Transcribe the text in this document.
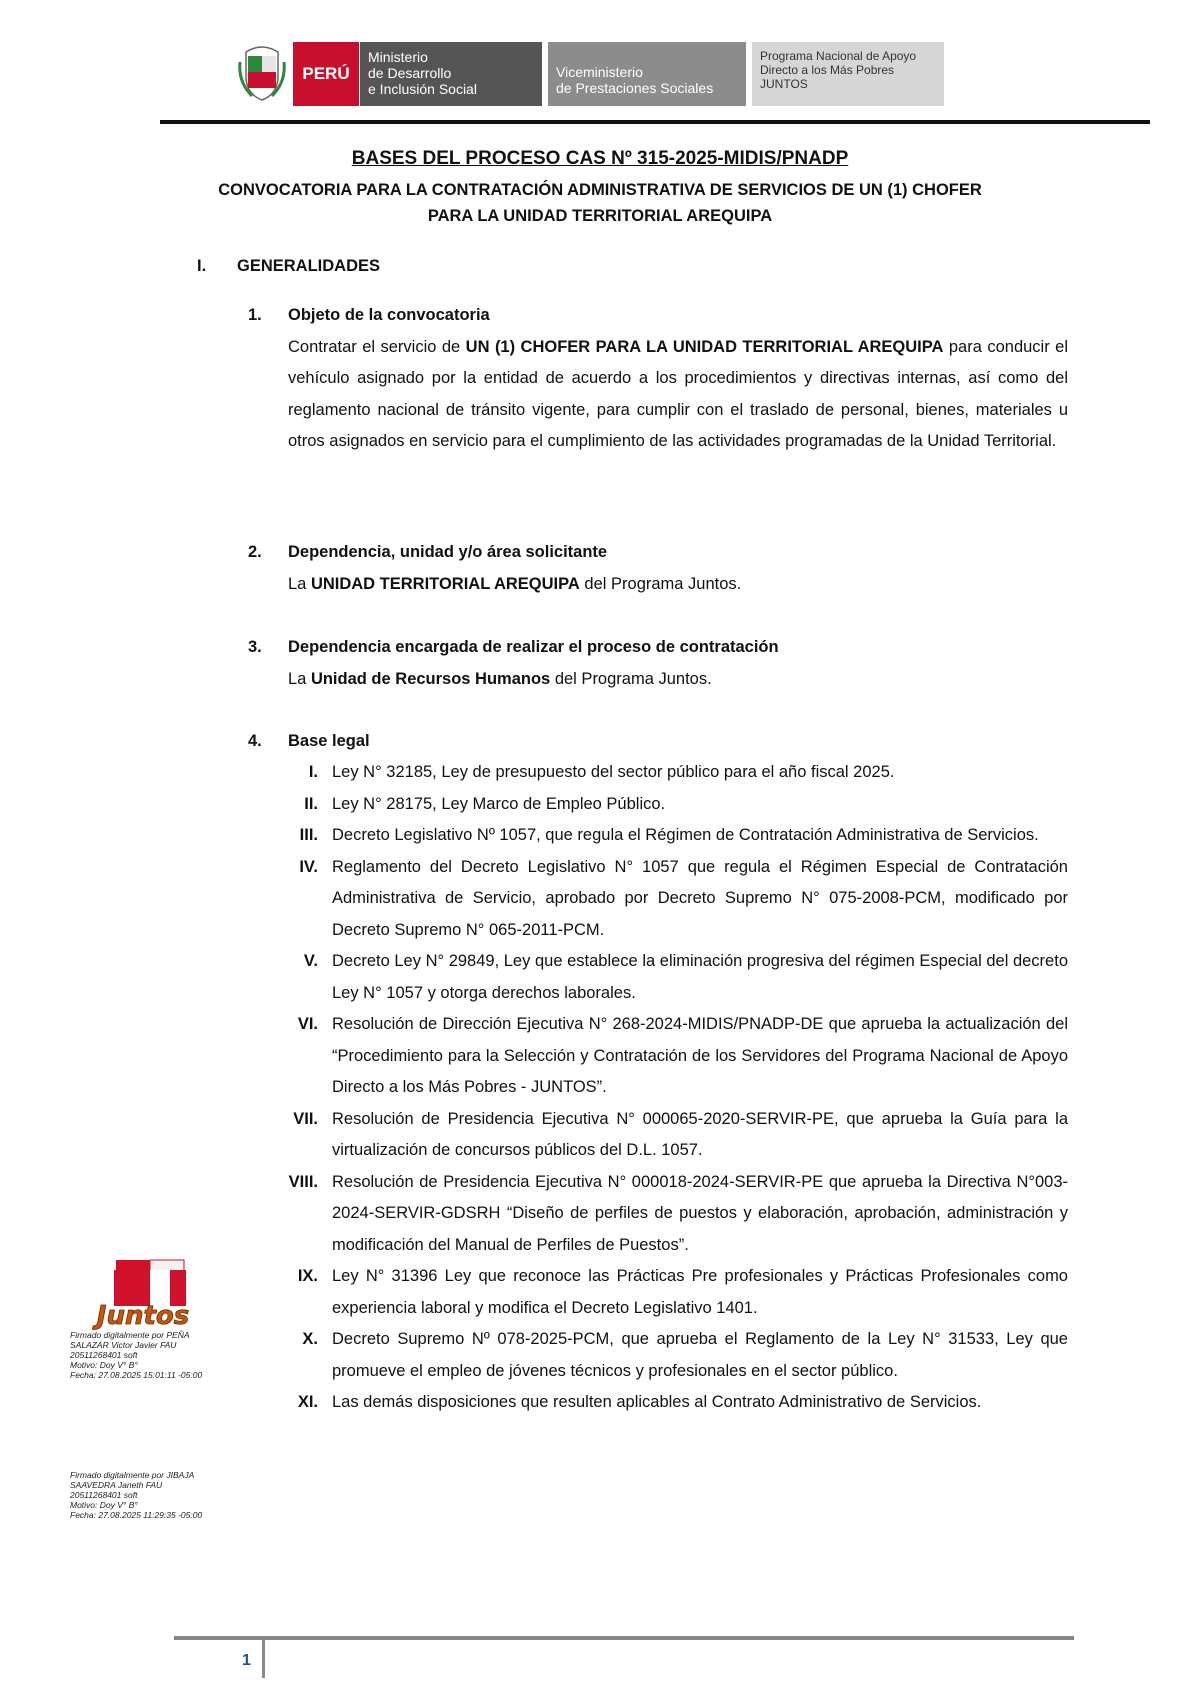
PERÚ
Ministerio
de Desarrollo
e Inclusión Social
Viceministerio
de Prestaciones Sociales
Programa Nacional de Apoyo
Directo a los Más Pobres
JUNTOS
BASES DEL PROCESO CAS Nº 315-2025-MIDIS/PNADP
CONVOCATORIA PARA LA CONTRATACIÓN ADMINISTRATIVA DE SERVICIOS DE UN (1) CHOFER
PARA LA UNIDAD TERRITORIAL AREQUIPA
I. GENERALIDADES
1. Objeto de la convocatoria
Contratar el servicio de UN (1) CHOFER PARA LA UNIDAD TERRITORIAL AREQUIPA para conducir el vehículo asignado por la entidad de acuerdo a los procedimientos y directivas internas, así como del reglamento nacional de tránsito vigente, para cumplir con el traslado de personal, bienes, materiales u otros asignados en servicio para el cumplimiento de las actividades programadas de la Unidad Territorial.
2. Dependencia, unidad y/o área solicitante
La UNIDAD TERRITORIAL AREQUIPA del Programa Juntos.
3. Dependencia encargada de realizar el proceso de contratación
La Unidad de Recursos Humanos del Programa Juntos.
4. Base legal
I. Ley N° 32185, Ley de presupuesto del sector público para el año fiscal 2025.
II. Ley N° 28175, Ley Marco de Empleo Público.
III. Decreto Legislativo Nº 1057, que regula el Régimen de Contratación Administrativa de Servicios.
IV. Reglamento del Decreto Legislativo N° 1057 que regula el Régimen Especial de Contratación Administrativa de Servicio, aprobado por Decreto Supremo N° 075-2008-PCM, modificado por Decreto Supremo N° 065-2011-PCM.
V. Decreto Ley N° 29849, Ley que establece la eliminación progresiva del régimen Especial del decreto Ley N° 1057 y otorga derechos laborales.
VI. Resolución de Dirección Ejecutiva N° 268-2024-MIDIS/PNADP-DE que aprueba la actualización del “Procedimiento para la Selección y Contratación de los Servidores del Programa Nacional de Apoyo Directo a los Más Pobres - JUNTOS”.
VII. Resolución de Presidencia Ejecutiva N° 000065-2020-SERVIR-PE, que aprueba la Guía para la virtualización de concursos públicos del D.L. 1057.
VIII. Resolución de Presidencia Ejecutiva N° 000018-2024-SERVIR-PE que aprueba la Directiva N°003-2024-SERVIR-GDSRH “Diseño de perfiles de puestos y elaboración, aprobación, administración y modificación del Manual de Perfiles de Puestos”.
IX. Ley N° 31396 Ley que reconoce las Prácticas Pre profesionales y Prácticas Profesionales como experiencia laboral y modifica el Decreto Legislativo 1401.
X. Decreto Supremo Nº 078-2025-PCM, que aprueba el Reglamento de la Ley N° 31533, Ley que promueve el empleo de jóvenes técnicos y profesionales en el sector público.
XI. Las demás disposiciones que resulten aplicables al Contrato Administrativo de Servicios.
Juntos
Firmado digitalmente por PEÑA
SALAZAR Victor Javier FAU
20511268401 soft
Motivo: Doy V° B°
Fecha: 27.08.2025 15:01:11 -05:00
Firmado digitalmente por JIBAJA
SAAVEDRA Janeth FAU
20511268401 soft
Motivo: Doy V° B°
Fecha: 27.08.2025 11:29:35 -05:00
1
